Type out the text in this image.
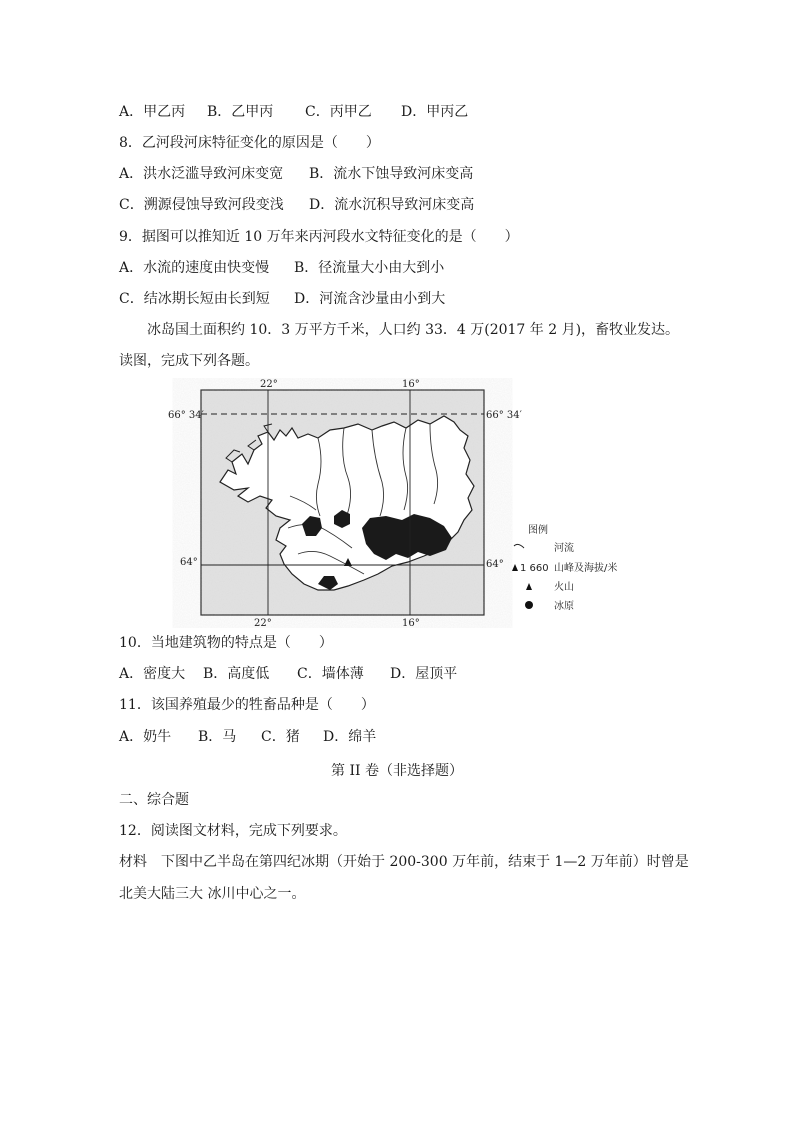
A．甲乙丙 B．乙甲丙 C．丙甲乙 D．甲丙乙
8．乙河段河床特征变化的原因是（　　）
A．洪水泛滥导致河床变宽 B．流水下蚀导致河床变高
C．溯源侵蚀导致河段变浅 D．流水沉积导致河床变高
9．据图可以推知近 10 万年来丙河段水文特征变化的是（　　）
A．水流的速度由快变慢 B．径流量大小由大到小
C．结冰期长短由长到短 D．河流含沙量由小到大
冰岛国土面积约 10．3 万平方千米，人口约 33．4 万(2017 年 2 月)，畜牧业发达。
读图，完成下列各题。
22°	16°
22°	16°
66° 34′	66° 34′
64°	64°
图例
河流
1 660 山峰及海拔/米
火山
冰原
10．当地建筑物的特点是（　　）
A．密度大 B．高度低 C．墙体薄 D．屋顶平
11．该国养殖最少的牲畜品种是（　　）
A．奶牛 B．马 C．猪 D．绵羊
第 II 卷（非选择题）
二、综合题
12．阅读图文材料，完成下列要求。
材料　下图中乙半岛在第四纪冰期（开始于 200-300 万年前，结束于 1—2 万年前）时曾是
北美大陆三大 冰川中心之一。
